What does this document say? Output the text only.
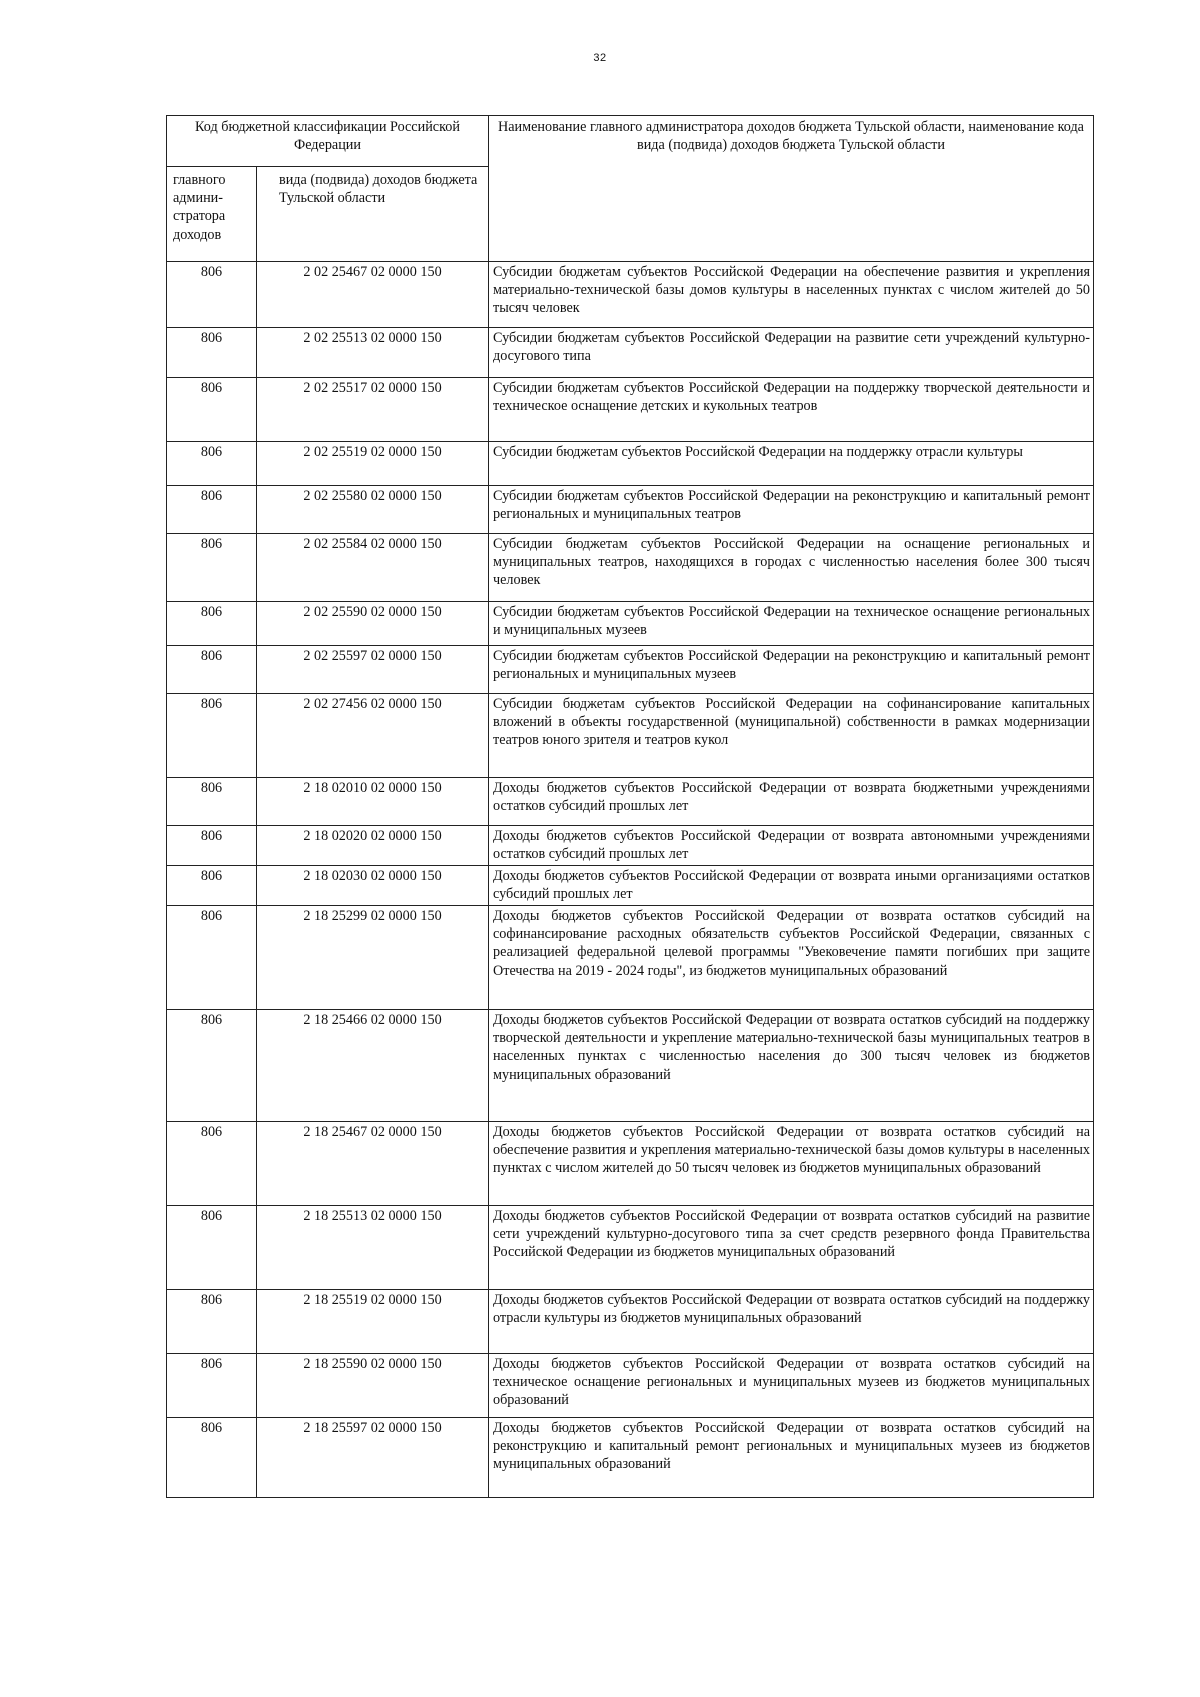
32
Код бюджетной классификации Российской Федерации		Наименование главного администратора доходов бюджета Тульской области, наименование кода вида (подвида) доходов бюджета Тульской области
главного админи-стратора доходов	вида (подвида) доходов бюджета Тульской области	
806	2 02 25467 02 0000 150	Субсидии бюджетам субъектов Российской Федерации на обеспечение развития и укрепления материально-технической базы домов культуры в населенных пунктах с числом жителей до 50 тысяч человек
806	2 02 25513 02 0000 150	Субсидии бюджетам субъектов Российской Федерации на развитие сети учреждений культурно-досугового типа
806	2 02 25517 02 0000 150	Субсидии бюджетам субъектов Российской Федерации на поддержку творческой деятельности и техническое оснащение детских и кукольных театров
806	2 02 25519 02 0000 150	Субсидии бюджетам субъектов Российской Федерации на поддержку отрасли культуры
806	2 02 25580 02 0000 150	Субсидии бюджетам субъектов Российской Федерации на реконструкцию и капитальный ремонт региональных и муниципальных театров
806	2 02 25584 02 0000 150	Субсидии бюджетам субъектов Российской Федерации на оснащение региональных и муниципальных театров, находящихся в городах с численностью населения более 300 тысяч человек
806	2 02 25590 02 0000 150	Субсидии бюджетам субъектов Российской Федерации на техническое оснащение региональных и муниципальных музеев
806	2 02 25597 02 0000 150	Субсидии бюджетам субъектов Российской Федерации на реконструкцию и капитальный ремонт региональных и муниципальных музеев
806	2 02 27456 02 0000 150	Субсидии бюджетам субъектов Российской Федерации на софинансирование капитальных вложений в объекты государственной (муниципальной) собственности в рамках модернизации театров юного зрителя и театров кукол
806	2 18 02010 02 0000 150	Доходы бюджетов субъектов Российской Федерации от возврата бюджетными учреждениями остатков субсидий прошлых лет
806	2 18 02020 02 0000 150	Доходы бюджетов субъектов Российской Федерации от возврата автономными учреждениями остатков субсидий прошлых лет
806	2 18 02030 02 0000 150	Доходы бюджетов субъектов Российской Федерации от возврата иными организациями остатков субсидий прошлых лет
806	2 18 25299 02 0000 150	Доходы бюджетов субъектов Российской Федерации от возврата остатков субсидий на софинансирование расходных обязательств субъектов Российской Федерации, связанных с реализацией федеральной целевой программы "Увековечение памяти погибших при защите Отечества на 2019 - 2024 годы", из бюджетов муниципальных образований
806	2 18 25466 02 0000 150	Доходы бюджетов субъектов Российской Федерации от возврата остатков субсидий на поддержку творческой деятельности и укрепление материально-технической базы муниципальных театров в населенных пунктах с численностью населения до 300 тысяч человек из бюджетов муниципальных образований
806	2 18 25467 02 0000 150	Доходы бюджетов субъектов Российской Федерации от возврата остатков субсидий на обеспечение развития и укрепления материально-технической базы домов культуры в населенных пунктах с числом жителей до 50 тысяч человек из бюджетов муниципальных образований
806	2 18 25513 02 0000 150	Доходы бюджетов субъектов Российской Федерации от возврата остатков субсидий на развитие сети учреждений культурно-досугового типа за счет средств резервного фонда Правительства Российской Федерации из бюджетов муниципальных образований
806	2 18 25519 02 0000 150	Доходы бюджетов субъектов Российской Федерации от возврата остатков субсидий на поддержку отрасли культуры из бюджетов муниципальных образований
806	2 18 25590 02 0000 150	Доходы бюджетов субъектов Российской Федерации от возврата остатков субсидий на техническое оснащение региональных и муниципальных музеев из бюджетов муниципальных образований
806	2 18 25597 02 0000 150	Доходы бюджетов субъектов Российской Федерации от возврата остатков субсидий на реконструкцию и капитальный ремонт региональных и муниципальных музеев из бюджетов муниципальных образований
